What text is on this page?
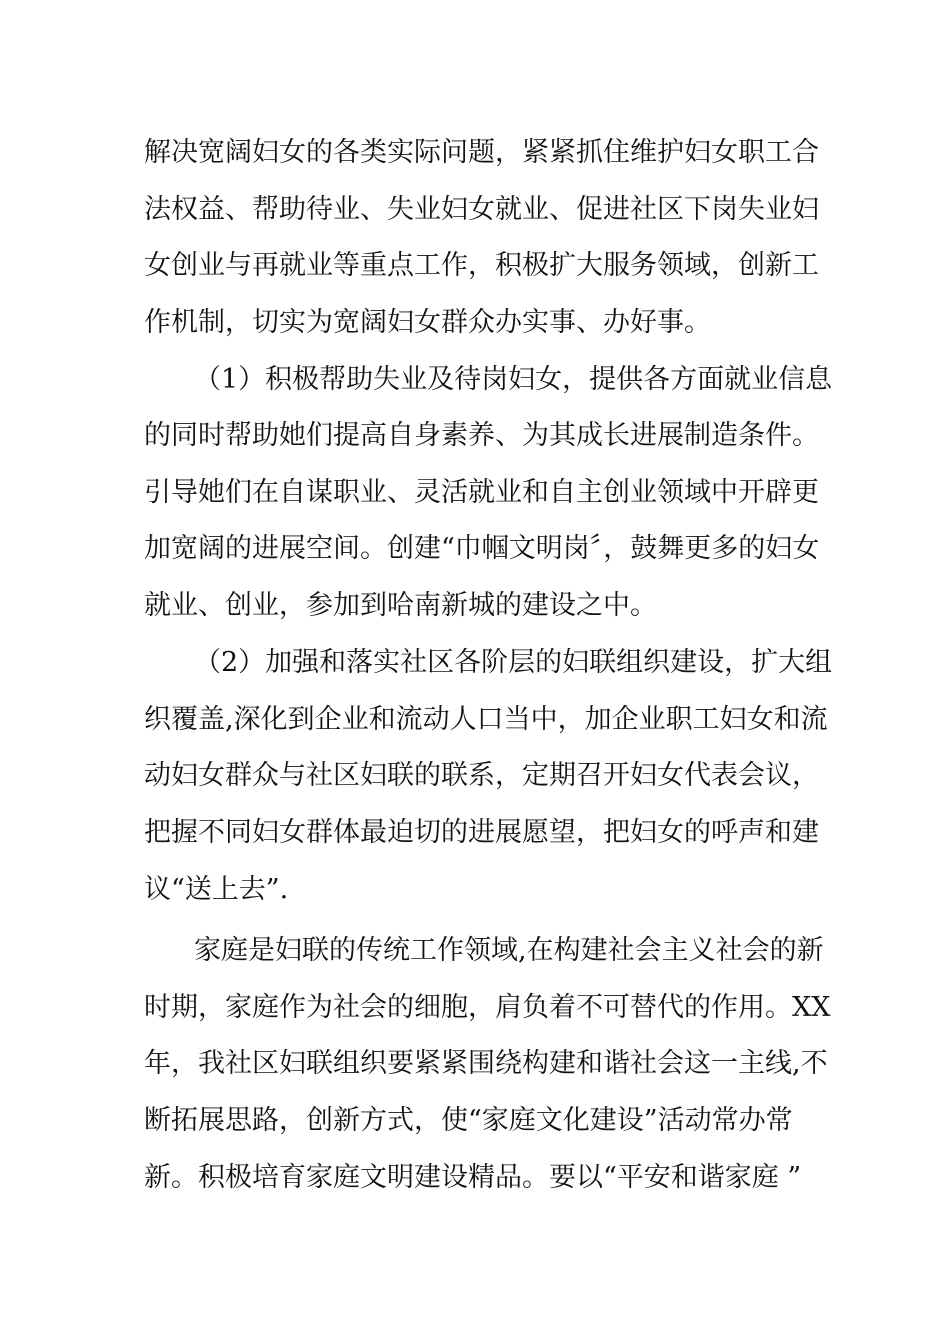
解决宽阔妇女的各类实际问题，紧紧抓住维护妇女职工合
法权益、帮助待业、失业妇女就业、促进社区下岗失业妇
女创业与再就业等重点工作，积极扩大服务领域，创新工
作机制，切实为宽阔妇女群众办实事、办好事。
（1）积极帮助失业及待岗妇女，提供各方面就业信息
的同时帮助她们提高自身素养、为其成长进展制造条件。
引导她们在自谋职业、灵活就业和自主创业领域中开辟更
加宽阔的进展空间。创建“巾帼文明岗〞，鼓舞更多的妇女
就业、创业，参加到哈南新城的建设之中。
（2）加强和落实社区各阶层的妇联组织建设，扩大组
织覆盖,深化到企业和流动人口当中，加企业职工妇女和流
动妇女群众与社区妇联的联系，定期召开妇女代表会议，
把握不同妇女群体最迫切的进展愿望，把妇女的呼声和建
议“送上去”.
家庭是妇联的传统工作领域,在构建社会主义社会的新
时期，家庭作为社会的细胞，肩负着不可替代的作用。XX
年，我社区妇联组织要紧紧围绕构建和谐社会这一主线,不
断拓展思路，创新方式，使“家庭文化建设”活动常办常
新。积极培育家庭文明建设精品。要以“平安和谐家庭 ”
